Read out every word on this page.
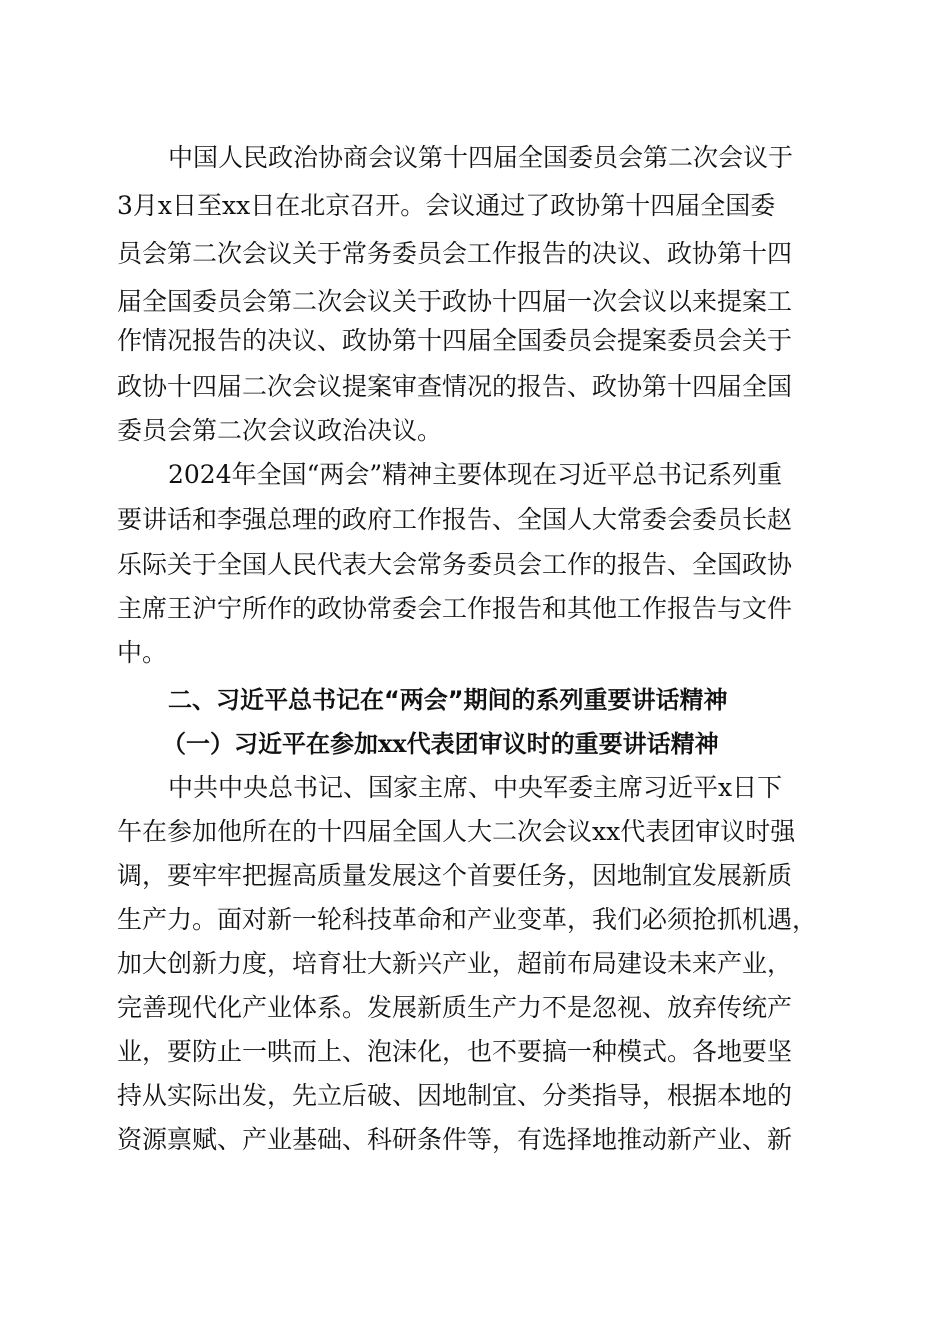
中国人民政治协商会议第十四届全国委员会第二次会议于

3月x日至xx日在北京召开。会议通过了政协第十四届全国委

员会第二次会议关于常务委员会工作报告的决议、政协第十四

届全国委员会第二次会议关于政协十四届一次会议以来提案工

作情况报告的决议、政协第十四届全国委员会提案委员会关于

政协十四届二次会议提案审查情况的报告、政协第十四届全国

委员会第二次会议政治决议。

2024年全国“两会”精神主要体现在习近平总书记系列重

要讲话和李强总理的政府工作报告、全国人大常委会委员长赵

乐际关于全国人民代表大会常务委员会工作的报告、全国政协

主席王沪宁所作的政协常委会工作报告和其他工作报告与文件

中。

二、习近平总书记在“两会”期间的系列重要讲话精神

（一）习近平在参加xx代表团审议时的重要讲话精神

中共中央总书记、国家主席、中央军委主席习近平x日下

午在参加他所在的十四届全国人大二次会议xx代表团审议时强

调，要牢牢把握高质量发展这个首要任务，因地制宜发展新质

生产力。面对新一轮科技革命和产业变革，我们必须抢抓机遇，

加大创新力度，培育壮大新兴产业，超前布局建设未来产业，

完善现代化产业体系。发展新质生产力不是忽视、放弃传统产

业，要防止一哄而上、泡沫化，也不要搞一种模式。各地要坚

持从实际出发，先立后破、因地制宜、分类指导，根据本地的

资源禀赋、产业基础、科研条件等，有选择地推动新产业、新
